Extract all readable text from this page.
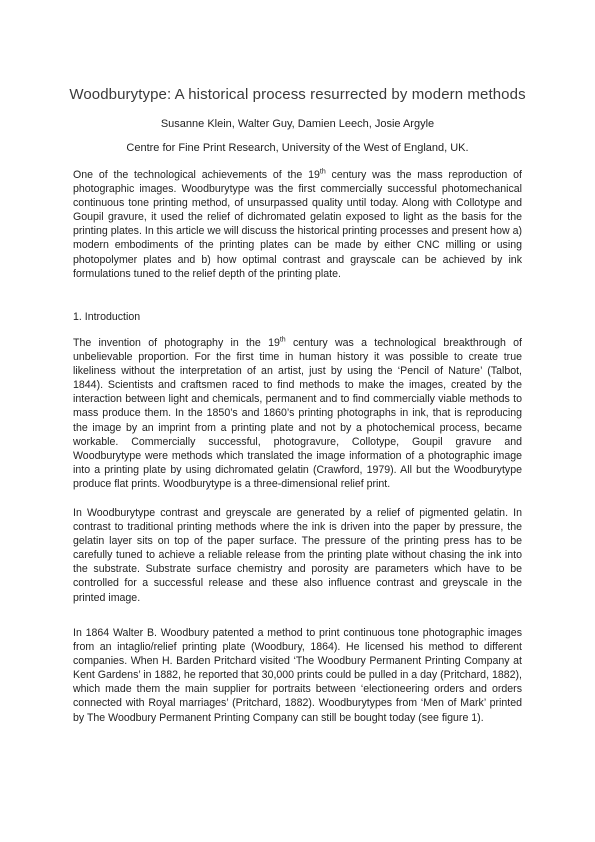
Woodburytype: A historical process resurrected by modern methods
Susanne Klein, Walter Guy, Damien Leech, Josie Argyle
Centre for Fine Print Research, University of the West of England, UK.
One of the technological achievements of the 19th century was the mass reproduction of photographic images. Woodburytype was the first commercially successful photomechanical continuous tone printing method, of unsurpassed quality until today. Along with Collotype and Goupil gravure, it used the relief of dichromated gelatin exposed to light as the basis for the printing plates. In this article we will discuss the historical printing processes and present how a) modern embodiments of the printing plates can be made by either CNC milling or using photopolymer plates and b) how optimal contrast and grayscale can be achieved by ink formulations tuned to the relief depth of the printing plate.
1. Introduction
The invention of photography in the 19th century was a technological breakthrough of unbelievable proportion. For the first time in human history it was possible to create true likeliness without the interpretation of an artist, just by using the ‘Pencil of Nature’ (Talbot, 1844). Scientists and craftsmen raced to find methods to make the images, created by the interaction between light and chemicals, permanent and to find commercially viable methods to mass produce them. In the 1850’s and 1860’s printing photographs in ink, that is reproducing the image by an imprint from a printing plate and not by a photochemical process, became workable. Commercially successful, photogravure, Collotype, Goupil gravure and Woodburytype were methods which translated the image information of a photographic image into a printing plate by using dichromated gelatin (Crawford, 1979). All but the Woodburytype produce flat prints. Woodburytype is a three-dimensional relief print.
In Woodburytype contrast and greyscale are generated by a relief of pigmented gelatin. In contrast to traditional printing methods where the ink is driven into the paper by pressure, the gelatin layer sits on top of the paper surface. The pressure of the printing press has to be carefully tuned to achieve a reliable release from the printing plate without chasing the ink into the substrate. Substrate surface chemistry and porosity are parameters which have to be controlled for a successful release and these also influence contrast and greyscale in the printed image.
In 1864 Walter B. Woodbury patented a method to print continuous tone photographic images from an intaglio/relief printing plate (Woodbury, 1864). He licensed his method to different companies. When H. Barden Pritchard visited ‘The Woodbury Permanent Printing Company at Kent Gardens’ in 1882, he reported that 30,000 prints could be pulled in a day (Pritchard, 1882), which made them the main supplier for portraits between ‘electioneering orders and orders connected with Royal marriages’ (Pritchard, 1882). Woodburytypes from ‘Men of Mark’ printed by The Woodbury Permanent Printing Company can still be bought today (see figure 1).
